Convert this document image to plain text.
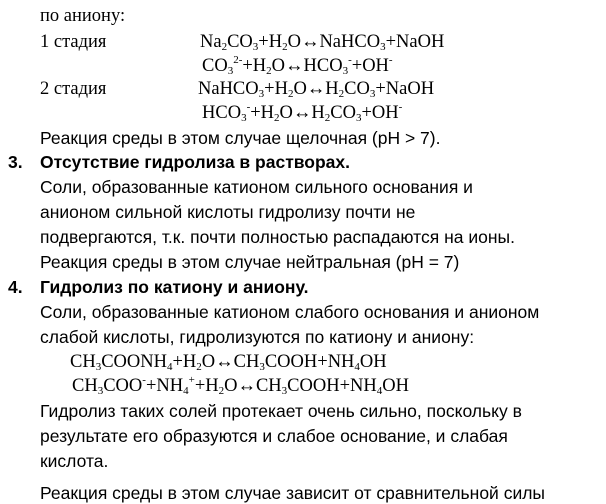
по аниону:
1 стадия	$Na_2CO_3+H_2O\leftrightarrow NaHCO_3+NaOH$
$CO_3^{2-}+H_2O\leftrightarrow HCO_3^-+OH^-$
2 стадия	$NaHCO_3+H_2O\leftrightarrow H_2CO_3+NaOH$
$HCO_3^-+H_2O\leftrightarrow H_2CO_3+OH^-$
Реакция среды в этом случае щелочная (рН > 7).
3. Отсутствие гидролиза в растворах.
Соли, образованные катионом сильного основания и
анионом сильной кислоты гидролизу почти не
подвергаются, т.к. почти полностью распадаются на ионы.
Реакция среды в этом случае нейтральная (рН = 7)
4. Гидролиз по катиону и аниону.
Соли, образованные катионом слабого основания и анионом
слабой кислоты, гидролизуются по катиону и аниону:
$CH_3COONH_4+H_2O\leftrightarrow CH_3COOH+NH_4OH$
$CH_3COO^-+NH_4^++H_2O\leftrightarrow CH_3COOH+NH_4OH$
Гидролиз таких солей протекает очень сильно, поскольку в
результате его образуются и слабое основание, и слабая
кислота.
Реакция среды в этом случае зависит от сравнительной силы
